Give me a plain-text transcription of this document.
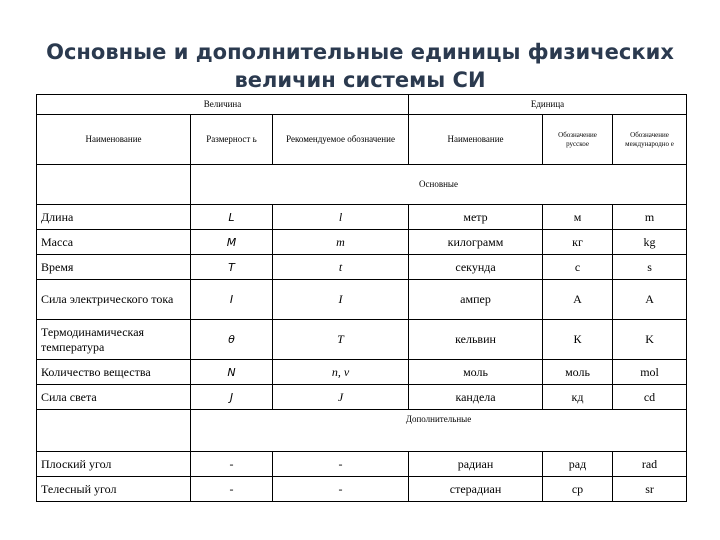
Основные и дополнительные единицы физических
величин системы СИ
Величина			Единица		
Наименование	Размерност ь	Рекомендуемое обозначение	Наименование	Обозначение русское	Обозначение международно е
	Основные				
Длина	L	l	метр	м	m
Масса	M	m	килограмм	кг	kg
Время	T	t	секунда	с	s
Сила электрического тока	I	I	ампер	А	A
Термодинамическая температура	θ	T	кельвин	К	K
Количество вещества	N	n, ν	моль	моль	mol
Сила света	J	J	кандела	кд	cd
	Дополнительные				
Плоский угол	-	-	радиан	рад	rad
Телесный угол	-	-	стерадиан	ср	sr
